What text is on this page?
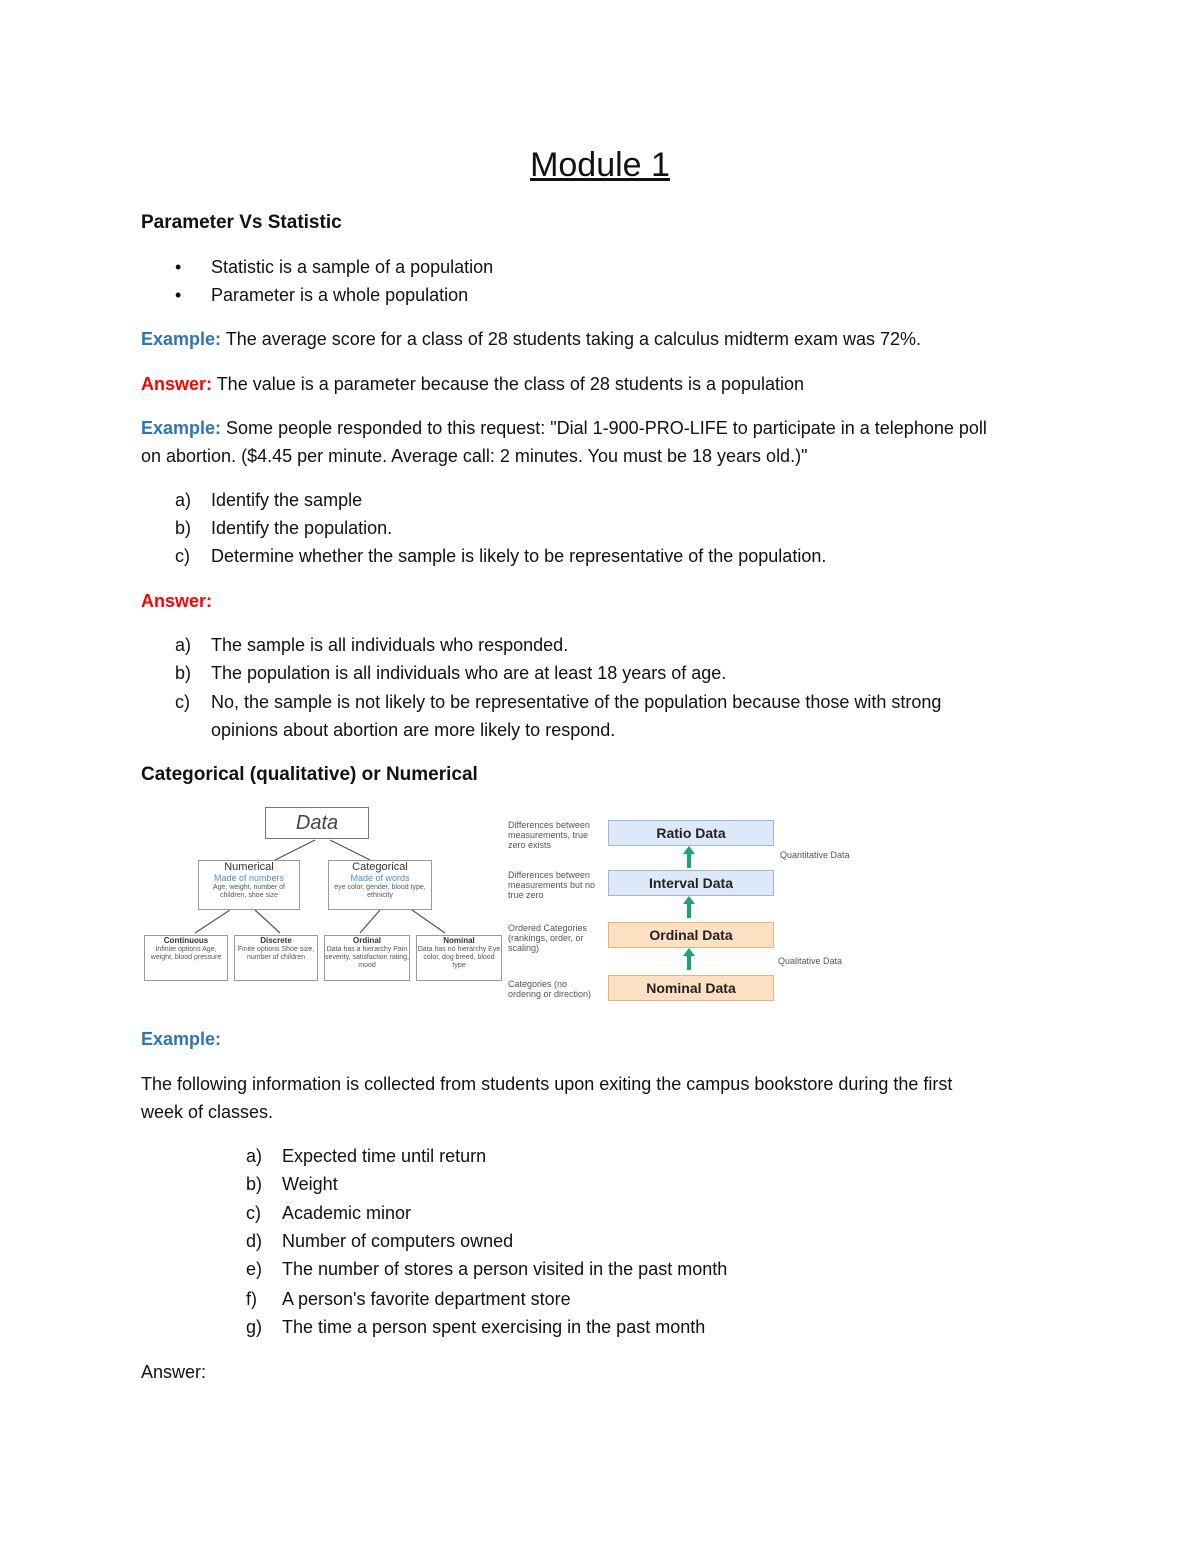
Module 1
Parameter Vs Statistic
• Statistic is a sample of a population
• Parameter is a whole population
Example: The average score for a class of 28 students taking a calculus midterm exam was 72%.
Answer: The value is a parameter because the class of 28 students is a population
Example: Some people responded to this request: "Dial 1-900-PRO-LIFE to participate in a telephone poll
on abortion. ($4.45 per minute. Average call: 2 minutes. You must be 18 years old.)"
a) Identify the sample
b) Identify the population.
c) Determine whether the sample is likely to be representative of the population.
Answer:
a) The sample is all individuals who responded.
b) The population is all individuals who are at least 18 years of age.
c) No, the sample is not likely to be representative of the population because those with strong
opinions about abortion are more likely to respond.
Categorical (qualitative) or Numerical
Data
Numerical
Made of numbers
Age, weight, number of children, shoe size
Categorical
Made of words
eye color, gender, blood type, ethnicity
Continuous
Infinite options Age, weight, blood pressure
Discrete
Finite options Shoe size, number of children
Ordinal
Data has a hierarchy Pain severity, satisfaction rating, mood
Nominal
Data has no hierarchy Eye color, dog breed, blood type
Differences between measurements, true zero exists
Differences between measurements but no true zero
Ordered Categories (rankings, order, or scaling)
Categories (no ordering or direction)
Ratio Data
Interval Data
Ordinal Data
Nominal Data
Quantitative Data
Qualitative Data
Example:
The following information is collected from students upon exiting the campus bookstore during the first
week of classes.
a) Expected time until return
b) Weight
c) Academic minor
d) Number of computers owned
e) The number of stores a person visited in the past month
f) A person's favorite department store
g) The time a person spent exercising in the past month
Answer:
